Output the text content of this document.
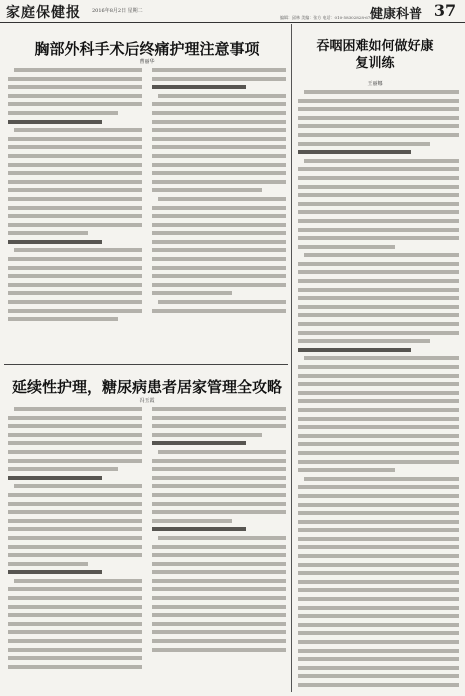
家庭保健报 2016年8月2日 星期二	健康科普 37
编辑：邱林 美编：张方 电话：010-58302828-6709
胸部外科手术后终痛护理注意事项
曹丽华
延续性护理，糖尿病患者居家管理全攻略
冯玉霞
吞咽困难如何做好康复训练
王丽娜
